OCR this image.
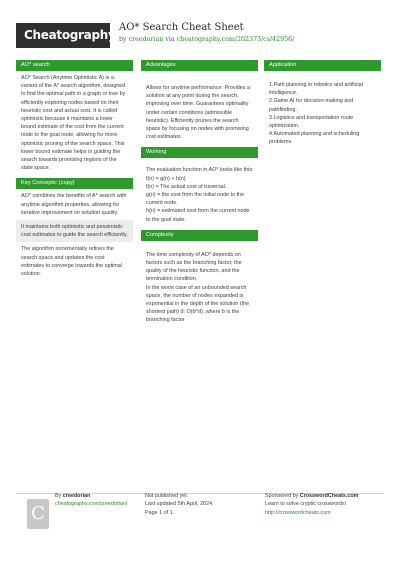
Cheatography
AO* Search Cheat Sheet
by creedorian via cheatography.com/202373/cs/42956/
AO* search
AO* Search (Anytime Optimistic A) is a variant of the A* search algorithm, designed to find the optimal path in a graph or tree by efficiently exploring nodes based on their heuristic cost and actual cost. It is called optimistic because it maintains a lower bound estimate of the cost from the current node to the goal node, allowing for more optimistic pruning of the search space. This lower bound estimate helps in guiding the search towards promising regions of the state space.
Key Concepts: (copy)
AO* combines the benefits of A* search with anytime algorithm properties, allowing for iterative improvement on solution quality.
It maintains both optimistic and pessimistic cost estimates to guide the search efficiently.
The algorithm incrementally refines the search space and updates the cost estimates to converge towards the optimal solution.
Advantages
Allows for anytime performance: Provides a solution at any point during the search, improving over time. Guarantees optimality under certain conditions (admissible heuristic). Efficiently prunes the search space by focusing on nodes with promising cost estimates.
Working

The evaluation function in AO* looks like this:

f(n) = g(n) + h(n)

f(n) = The actual cost of traversal.

g(n) = the cost from the initial node to the current node.

h(n) = estimated cost from the current node to the goal state.

Complexity

The time complexity of AO* depends on factors such as the branching factor, the quality of the heuristic function, and the termination condition.

In the worst case of an unbounded search space, the number of nodes expanded is exponential in the depth of the solution (the shortest path) d: O(b^d), where b is the branching factor

Application

1.Path planning in robotics and artificial intelligence.

2.Game AI for decision-making and pathfinding.

3.Logistics and transportation route optimization.

4.Automated planning and scheduling problems.

C
By creedorian
cheatography.com/creedorian/
Not published yet.
Last updated 5th April, 2024.
Page 1 of 1.
Sponsored by CrosswordCheats.com
Learn to solve cryptic crosswords!
http://crosswordcheats.com
